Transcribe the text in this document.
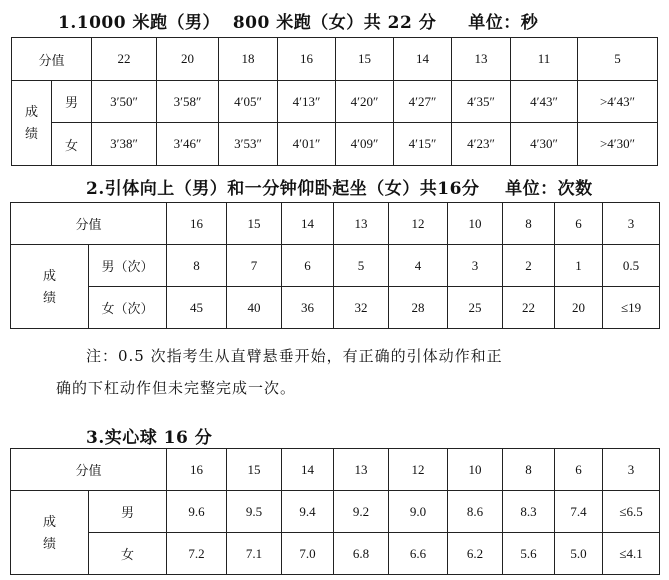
1.1000 米跑（男）  800 米跑（女）共 22 分     单位：秒
分值		22	20	18	16	15	14	13	11	5
成
绩	男	3′50″	3′58″	4′05″	4′13″	4′20″	4′27″	4′35″	4′43″	>4′43″
	女	3′38″	3′46″	3′53″	4′01″	4′09″	4′15″	4′23″	4′30″	>4′30″
2.引体向上（男）和一分钟仰卧起坐（女）共16分    单位：次数
分值		16	15	14	13	12	10	8	6	3
成
绩	男（次）	8	7	6	5	4	3	2	1	0.5
	女（次）	45	40	36	32	28	25	22	20	≤19
注：0.5 次指考生从直臂悬垂开始，有正确的引体动作和正
确的下杠动作但未完整完成一次。
3.实心球 16 分
分值		16	15	14	13	12	10	8	6	3
成
绩	男	9.6	9.5	9.4	9.2	9.0	8.6	8.3	7.4	≤6.5
	女	7.2	7.1	7.0	6.8	6.6	6.2	5.6	5.0	≤4.1
